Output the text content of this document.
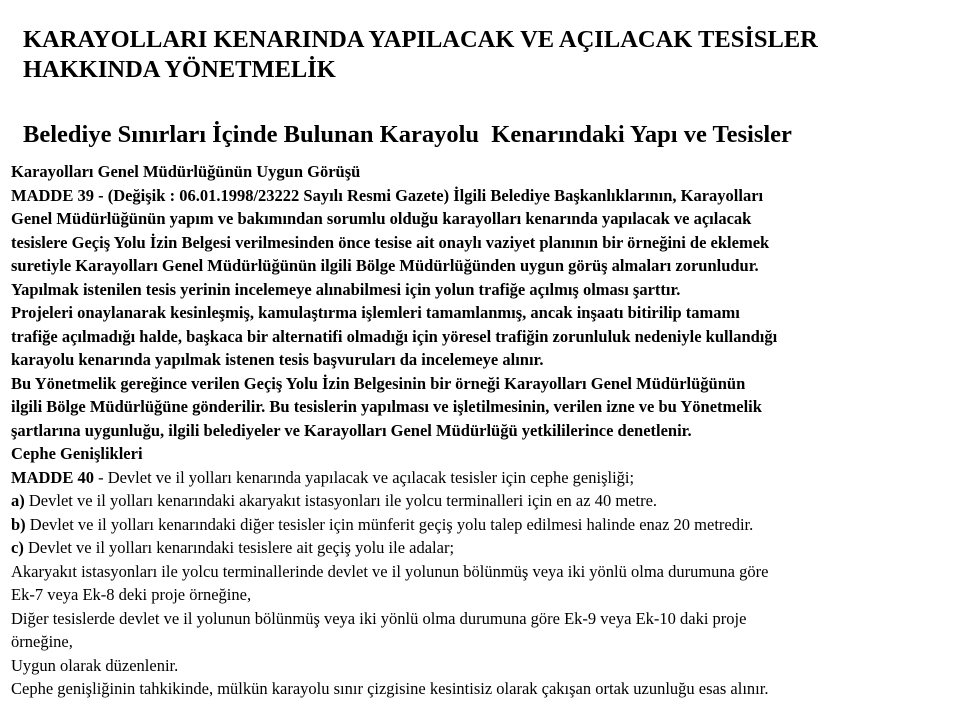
KARAYOLLARI KENARINDA YAPILACAK VE AÇILACAK TESİSLER
HAKKINDA YÖNETMELİK
Belediye Sınırları İçinde Bulunan Karayolu  Kenarındaki Yapı ve Tesisler
Karayolları Genel Müdürlüğünün Uygun Görüşü
MADDE 39 - (Değişik : 06.01.1998/23222 Sayılı Resmi Gazete) İlgili Belediye Başkanlıklarının, Karayolları
Genel Müdürlüğünün yapım ve bakımından sorumlu olduğu karayolları kenarında yapılacak ve açılacak
tesislere Geçiş Yolu İzin Belgesi verilmesinden önce tesise ait onaylı vaziyet planının bir örneğini de eklemek
suretiyle Karayolları Genel Müdürlüğünün ilgili Bölge Müdürlüğünden uygun görüş almaları zorunludur.
Yapılmak istenilen tesis yerinin incelemeye alınabilmesi için yolun trafiğe açılmış olması şarttır.
Projeleri onaylanarak kesinleşmiş, kamulaştırma işlemleri tamamlanmış, ancak inşaatı bitirilip tamamı
trafiğe açılmadığı halde, başkaca bir alternatifi olmadığı için yöresel trafiğin zorunluluk nedeniyle kullandığı
karayolu kenarında yapılmak istenen tesis başvuruları da incelemeye alınır.
Bu Yönetmelik gereğince verilen Geçiş Yolu İzin Belgesinin bir örneği Karayolları Genel Müdürlüğünün
ilgili Bölge Müdürlüğüne gönderilir. Bu tesislerin yapılması ve işletilmesinin, verilen izne ve bu Yönetmelik
şartlarına uygunluğu, ilgili belediyeler ve Karayolları Genel Müdürlüğü yetkililerince denetlenir.
Cephe Genişlikleri
MADDE 40 - Devlet ve il yolları kenarında yapılacak ve açılacak tesisler için cephe genişliği;
a) Devlet ve il yolları kenarındaki akaryakıt istasyonları ile yolcu terminalleri için en az 40 metre.
b) Devlet ve il yolları kenarındaki diğer tesisler için münferit geçiş yolu talep edilmesi halinde enaz 20 metredir.
c) Devlet ve il yolları kenarındaki tesislere ait geçiş yolu ile adalar;
Akaryakıt istasyonları ile yolcu terminallerinde devlet ve il yolunun bölünmüş veya iki yönlü olma durumuna göre
Ek-7 veya Ek-8 deki proje örneğine,
Diğer tesislerde devlet ve il yolunun bölünmüş veya iki yönlü olma durumuna göre Ek-9 veya Ek-10 daki proje
örneğine,
Uygun olarak düzenlenir.
Cephe genişliğinin tahkikinde, mülkün karayolu sınır çizgisine kesintisiz olarak çakışan ortak uzunluğu esas alınır.
